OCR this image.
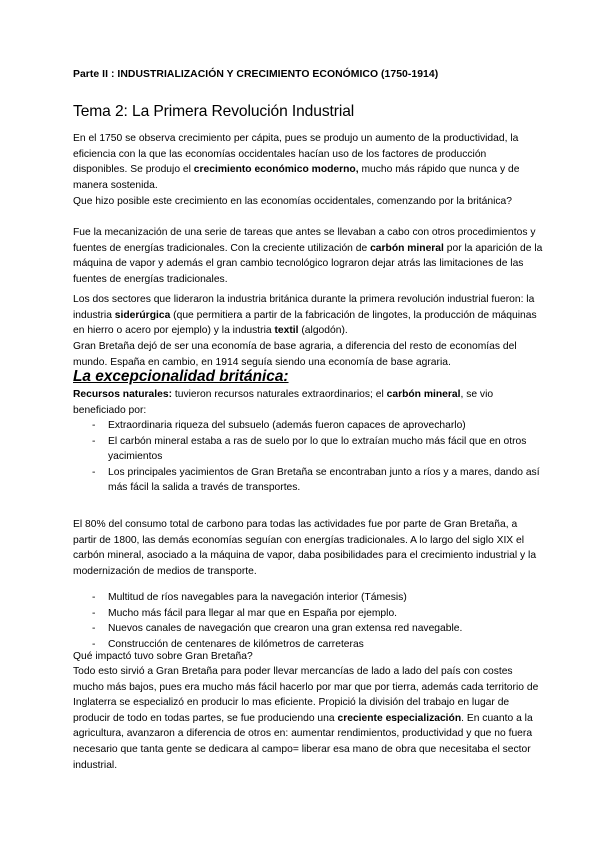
Parte II : INDUSTRIALIZACIÓN Y CRECIMIENTO ECONÓMICO (1750-1914)
Tema 2: La Primera Revolución Industrial
En el 1750 se observa crecimiento per cápita, pues se produjo un aumento de la productividad, la eficiencia con la que las economías occidentales hacían uso de los factores de producción disponibles. Se produjo el crecimiento económico moderno, mucho más rápido que nunca y de manera sostenida.
Que hizo posible este crecimiento en las economías occidentales, comenzando por la británica?
Fue la mecanización de una serie de tareas que antes se llevaban a cabo con otros procedimientos y fuentes de energías tradicionales. Con la creciente utilización de carbón mineral por la aparición de la máquina de vapor y además el gran cambio tecnológico lograron dejar atrás las limitaciones de las fuentes de energías tradicionales.
Los dos sectores que lideraron la industria británica durante la primera revolución industrial fueron: la industria siderúrgica (que permitiera a partir de la fabricación de lingotes, la producción de máquinas en hierro o acero por ejemplo) y la industria textil (algodón).
Gran Bretaña dejó de ser una economía de base agraria, a diferencia del resto de economías del mundo. España en cambio, en 1914 seguía siendo una economía de base agraria.
La excepcionalidad británica:
Recursos naturales: tuvieron recursos naturales extraordinarios; el carbón mineral, se vio beneficiado por:
- Extraordinaria riqueza del subsuelo (además fueron capaces de aprovecharlo)
- El carbón mineral estaba a ras de suelo por lo que lo extraían mucho más fácil que en otros yacimientos
- Los principales yacimientos de Gran Bretaña se encontraban junto a ríos y a mares, dando así más fácil la salida a través de transportes.
El 80% del consumo total de carbono para todas las actividades fue por parte de Gran Bretaña, a partir de 1800, las demás economías seguían con energías tradicionales. A lo largo del siglo XIX el carbón mineral, asociado a la máquina de vapor, daba posibilidades para el crecimiento industrial y la modernización de medios de transporte.
- Multitud de ríos navegables para la navegación interior (Támesis)
- Mucho más fácil para llegar al mar que en España por ejemplo.
- Nuevos canales de navegación que crearon una gran extensa red navegable.
- Construcción de centenares de kilómetros de carreteras
Qué impactó tuvo sobre Gran Bretaña?
Todo esto sirvió a Gran Bretaña para poder llevar mercancías de lado a lado del país con costes mucho más bajos, pues era mucho más fácil hacerlo por mar que por tierra, además cada territorio de Inglaterra se especializó en producir lo mas eficiente. Propició la división del trabajo en lugar de producir de todo en todas partes, se fue produciendo una creciente especialización. En cuanto a la agricultura, avanzaron a diferencia de otros en: aumentar rendimientos, productividad y que no fuera necesario que tanta gente se dedicara al campo= liberar esa mano de obra que necesitaba el sector industrial.
